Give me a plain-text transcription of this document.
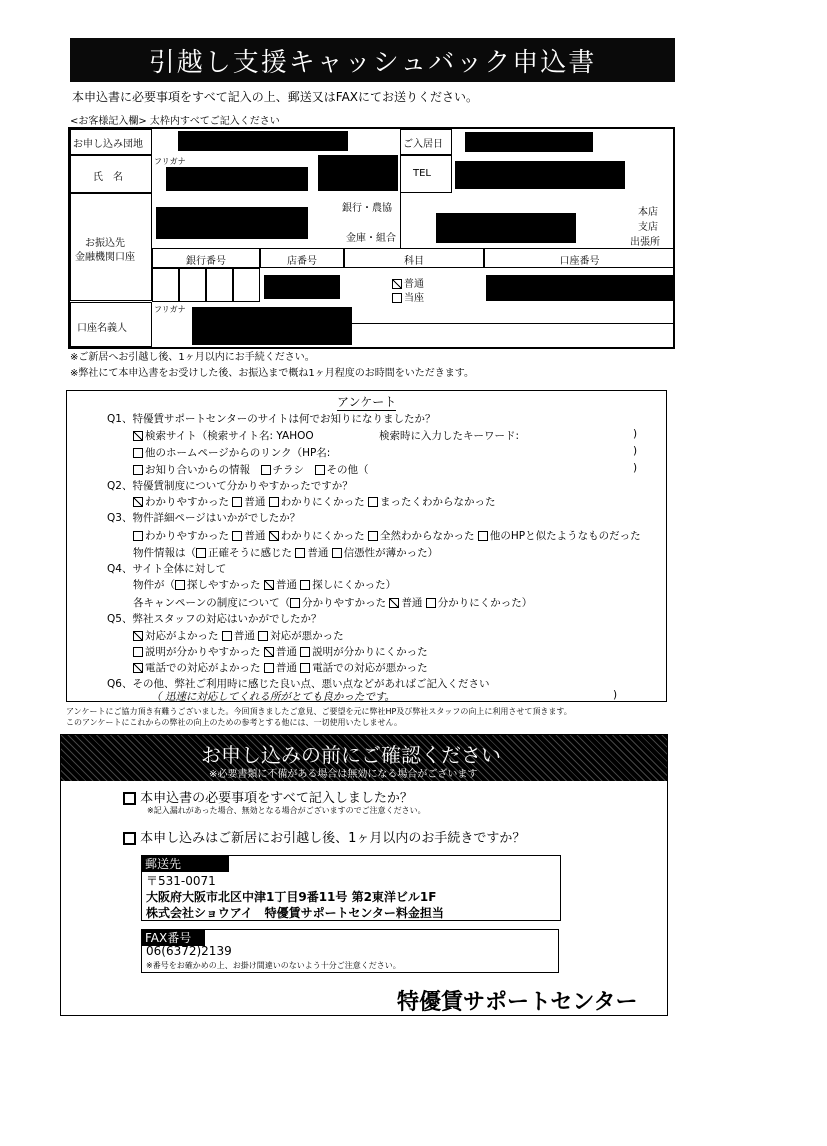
引越し支援キャッシュバック申込書
本申込書に必要事項をすべて記入の上、郵送又はFAXにてお送りください。
<お客様記入欄> 太枠内すべてご記入ください
お申し込み団地	ご入居日
氏　名
フリガナ
TEL
お振込先
金融機関口座
銀行・農協
金庫・組合
本店
支店
出張所
銀行番号	店番号	科目	口座番号
普通
当座
口座名義人
フリガナ
※ご新居へお引越し後、1ヶ月以内にお手続ください。
※弊社にて本申込書をお受けした後、お振込まで概ね1ヶ月程度のお時間をいただきます。
アンケート
Q1、特優賃サポートセンターのサイトは何でお知りになりましたか？
検索サイト（検索サイト名: YAHOO	検索時に入力したキーワード:	)
他のホームページからのリンク（HP名:	)
お知り合いからの情報　 チラシ　 その他（	)
Q2、特優賃制度について分かりやすかったですか？
わかりやすかった 普通 わかりにくかった まったくわからなかった
Q3、物件詳細ページはいかがでしたか？
わかりやすかった 普通 わかりにくかった 全然わからなかった 他のHPと似たようなものだった
物件情報は（ 正確そうに感じた 普通 信憑性が薄かった）
Q4、サイト全体に対して
物件が（ 探しやすかった 普通 探しにくかった）
各キャンペーンの制度について（ 分かりやすかった 普通 分かりにくかった）
Q5、弊社スタッフの対応はいかがでしたか？
対応がよかった 普通 対応が悪かった
説明が分かりやすかった 普通 説明が分かりにくかった
電話での対応がよかった 普通 電話での対応が悪かった
Q6、その他、弊社ご利用時に感じた良い点、悪い点などがあればご記入ください
（ 迅速に対応してくれる所がとても良かったです。	)
アンケートにご協力頂き有難うございました。今回頂きましたご意見、ご要望を元に弊社HP及び弊社スタッフの向上に利用させて頂きます。
このアンケートにこれからの弊社の向上のための参考とする他には、一切使用いたしません。
お申し込みの前にご確認ください
※必要書類に不備がある場合は無効になる場合がございます
本申込書の必要事項をすべて記入しましたか？
※記入漏れがあった場合、無効となる場合がございますのでご注意ください。
本申し込みはご新居にお引越し後、1ヶ月以内のお手続きですか？
郵送先
〒531-0071
大阪府大阪市北区中津1丁目9番11号 第2東洋ビル1F
株式会社ショウアイ　特優賃サポートセンター料金担当
FAX番号
06(6372)2139
※番号をお確かめの上、お掛け間違いのないよう十分ご注意ください。
特優賃サポートセンター
